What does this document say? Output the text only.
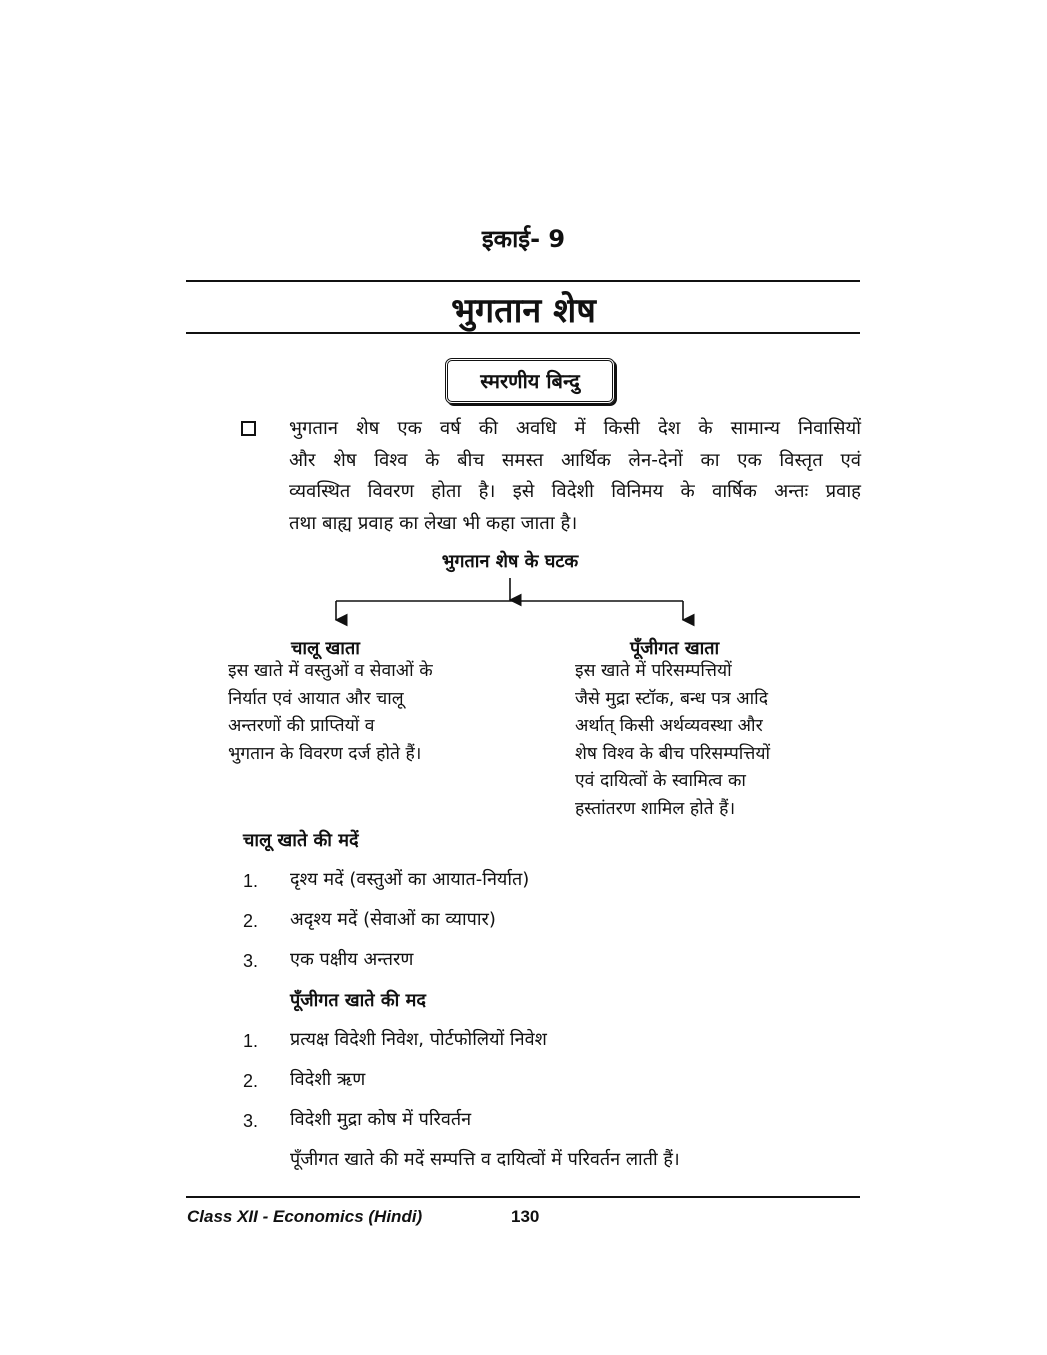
इकाई- 9
भुगतान शेष
स्मरणीय बिन्दु
भुगतान शेष एक वर्ष की अवधि में किसी देश के सामान्य निवासियों
और शेष विश्व के बीच समस्त आर्थिक लेन-देनों का एक विस्तृत एवं
व्यवस्थित विवरण होता है। इसे विदेशी विनिमय के वार्षिक अन्तः प्रवाह
तथा बाह्य प्रवाह का लेखा भी कहा जाता है।
भुगतान शेष के घटक
चालू खाता
इस खाते में वस्तुओं व सेवाओं के
निर्यात एवं आयात और चालू
अन्तरणों की प्राप्तियों व
भुगतान के विवरण दर्ज होते हैं।
पूँजीगत खाता
इस खाते में परिसम्पत्तियों
जैसे मुद्रा स्टॉक, बन्ध पत्र आदि
अर्थात् किसी अर्थव्यवस्था और
शेष विश्व के बीच परिसम्पत्तियों
एवं दायित्वों के स्वामित्व का
हस्तांतरण शामिल होते हैं।
चालू खाते की मदें
1. दृश्य मदें (वस्तुओं का आयात-निर्यात)
2. अदृश्य मदें (सेवाओं का व्यापार)
3. एक पक्षीय अन्तरण
पूँजीगत खाते की मद
1. प्रत्यक्ष विदेशी निवेश, पोर्टफोलियों निवेश
2. विदेशी ऋण
3. विदेशी मुद्रा कोष में परिवर्तन
पूँजीगत खाते की मदें सम्पत्ति व दायित्वों में परिवर्तन लाती हैं।
Class XII - Economics (Hindi)	130
